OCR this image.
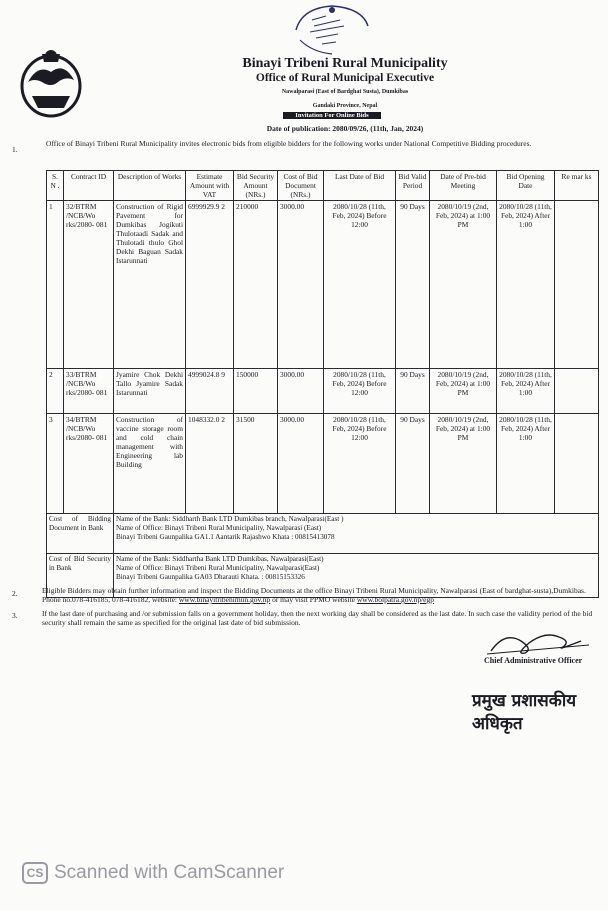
Binayi Tribeni Rural Municipality
Office of Rural Municipal Executive
Nawalparasi (East of Bardghat Susta), Dumkibas
Gandaki Province, Nepal
Invitation For Online Bids
Date of publication: 2080/09/26, (11th, Jan, 2024)
1.
Office of Binayi Tribeni Rural Municipality invites electronic bids from eligible bidders for the following works under National Competitive Bidding procedures.
S. N .	Contract ID	Description of Works	Estimate Amount with VAT	Bid Security Amount (NRs.)	Cost of Bid Document (NRs.)	Last Date of Bid	Bid Valid Period	Date of Pre-bid Meeting	Bid Opening Date	Re mar ks
1	32/BTRM /NCB/Wo rks/2080- 081	Construction of Rigid Pavement for Dumkibas Jogikuti Thulotaadi Sadak and Thulotadi thulo Ghol Dekhi Baguan Sadak Istarunnati	6999929.9 2	210000	3000.00	2080/10/28 (11th, Feb, 2024) Before 12:00	90 Days	2080/10/19 (2nd, Feb, 2024) at 1:00 PM	2080/10/28 (11th, Feb, 2024) After 1:00	
2	33/BTRM /NCB/Wo rks/2080- 081	Jyamire Chok Dekhi Tallo Jyamire Sadak Istarunnati	4999024.8 9	150000	3000.00	2080/10/28 (11th, Feb, 2024) Before 12:00	90 Days	2080/10/19 (2nd, Feb, 2024) at 1:00 PM	2080/10/28 (11th, Feb, 2024) After 1:00	
3	34/BTRM /NCB/Wo rks/2080- 081	Construction of vaccine storage room and cold chain management with Engineering lab Building	1048332.0 2	31500	3000.00	2080/10/28 (11th, Feb, 2024) Before 12:00	90 Days	2080/10/19 (2nd, Feb, 2024) at 1:00 PM	2080/10/28 (11th, Feb, 2024) After 1:00	
Cost of Bidding Document in Bank		Name of the Bank: Siddharth Bank LTD Dumkibas branch, Nawalparasi(East )
Name of Office: Binayi Tribeni Rural Municipality, Nawalparasi (East)
Binayi Tribeni Gaunpalika GA1.1 Aantarik Rajashwo Khata : 00815413078								

Cost of Bid Security in Bank		Name of the Bank: Siddhartha Bank LTD Dumkibas, Nawalparasi(East)
Name of Office: Binayi Tribeni Rural Municipality, Nawalparasi(East)
Binayi Tribeni Gaunpalika GA03 Dharauti Khata. : 00815153326								
2.	Eligible Bidders may obtain further information and inspect the Bidding Documents at the office Binayi Tribeni Rural Municipality, Nawalparasi (East of bardghat-susta),Dumkibas. Phone no.078-416185, 078-416182, website: www.binayitribenimun.gov.np or may visit PPMO website www.bolpatra.gov.np/egp
3.	If the last date of purchasing and /or submission falls on a government holiday, then the next working day shall be considered as the last date. In such case the validity period of the bid security shall remain the same as specified for the original last date of bid submission.
Chief Administrative Officer
प्रमुख प्रशासकीय अधिकृत
CS Scanned with CamScanner
